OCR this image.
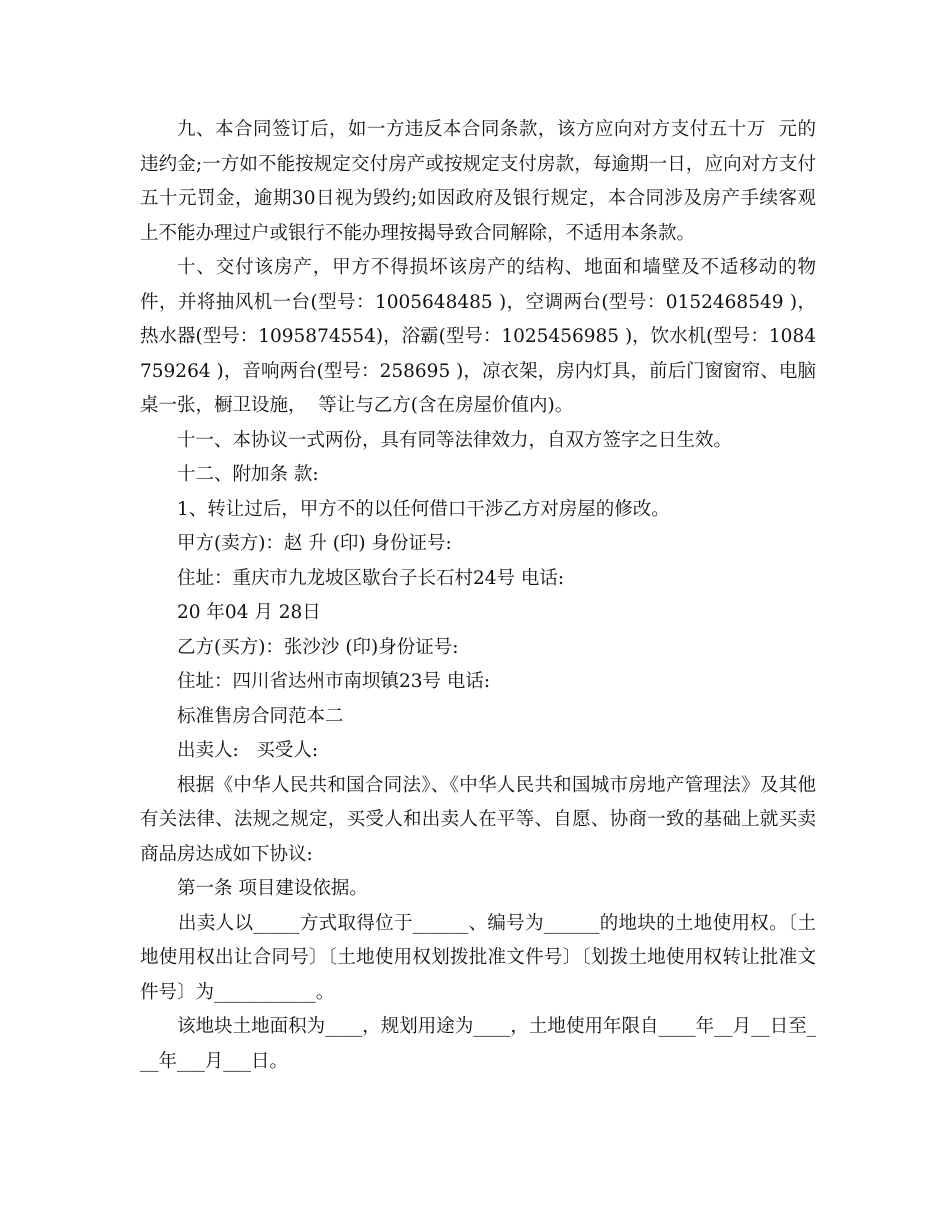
九、本合同签订后，如一方违反本合同条款，该方应向对方支付五十万  元的违约金;一方如不能按规定交付房产或按规定支付房款，每逾期一日，应向对方支付五十元罚金，逾期30日视为毁约;如因政府及银行规定，本合同涉及房产手续客观上不能办理过户或银行不能办理按揭导致合同解除，不适用本条款。

十、交付该房产，甲方不得损坏该房产的结构、地面和墙壁及不适移动的物件，并将抽风机一台(型号：1005648485 )，空调两台(型号：0152468549 )，热水器(型号：1095874554)，浴霸(型号：1025456985 )，饮水机(型号：1084759264 )，音响两台(型号：258695 )，凉衣架，房内灯具，前后门窗窗帘、电脑桌一张，橱卫设施，  等让与乙方(含在房屋价值内)。

十一、本协议一式两份，具有同等法律效力，自双方签字之日生效。

十二、附加条 款:

1、转让过后，甲方不的以任何借口干涉乙方对房屋的修改。

甲方(卖方)：赵 升 (印) 身份证号:

住址：重庆市九龙坡区歇台子长石村24号 电话:

20 年04 月 28日

乙方(买方)：张沙沙 (印)身份证号:

住址：四川省达州市南坝镇23号 电话:

标准售房合同范本二

出卖人:   买受人:

根据《中华人民共和国合同法》、《中华人民共和国城市房地产管理法》及其他有关法律、法规之规定，买受人和出卖人在平等、自愿、协商一致的基础上就买卖商品房达成如下协议:

第一条 项目建设依据。

出卖人以_____方式取得位于______、编号为______的地块的土地使用权。〔土地使用权出让合同号〕〔土地使用权划拨批准文件号〕〔划拨土地使用权转让批准文件号〕为___________。

该地块土地面积为____，规划用途为____，土地使用年限自____年__月__日至___年___月___日。
